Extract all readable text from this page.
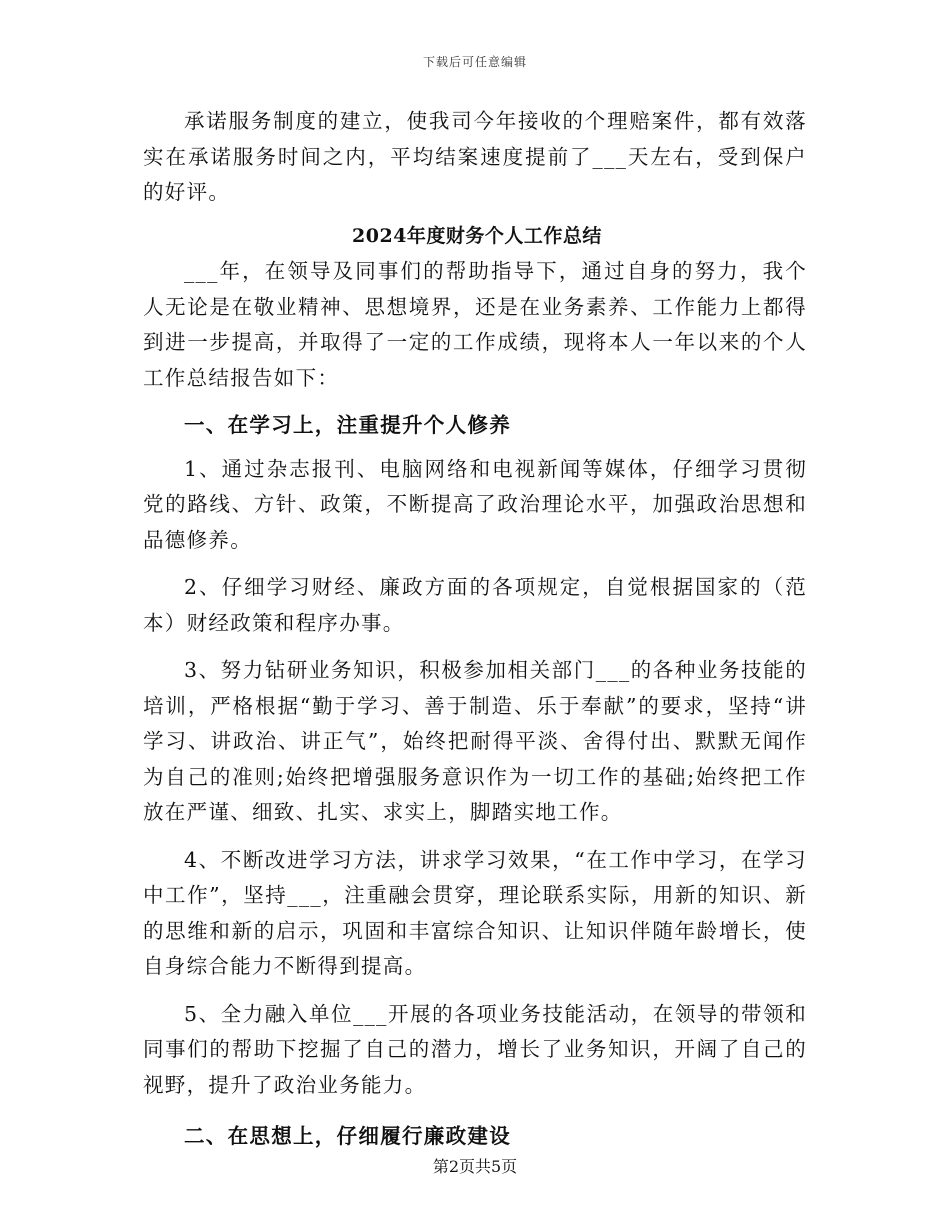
下载后可任意编辑

承诺服务制度的建立，使我司今年接收的个理赔案件，都有效落实在承诺服务时间之内，平均结案速度提前了___天左右，受到保户的好评。

2024年度财务个人工作总结

___年，在领导及同事们的帮助指导下，通过自身的努力，我个人无论是在敬业精神、思想境界，还是在业务素养、工作能力上都得到进一步提高，并取得了一定的工作成绩，现将本人一年以来的个人工作总结报告如下：

一、在学习上，注重提升个人修养

1、通过杂志报刊、电脑网络和电视新闻等媒体，仔细学习贯彻党的路线、方针、政策，不断提高了政治理论水平，加强政治思想和品德修养。

2、仔细学习财经、廉政方面的各项规定，自觉根据国家的（范本）财经政策和程序办事。

3、努力钻研业务知识，积极参加相关部门___的各种业务技能的培训，严格根据“勤于学习、善于制造、乐于奉献”的要求，坚持“讲学习、讲政治、讲正气”，始终把耐得平淡、舍得付出、默默无闻作为自己的准则;始终把增强服务意识作为一切工作的基础;始终把工作放在严谨、细致、扎实、求实上，脚踏实地工作。

4、不断改进学习方法，讲求学习效果，“在工作中学习，在学习中工作”，坚持___，注重融会贯穿，理论联系实际，用新的知识、新的思维和新的启示，巩固和丰富综合知识、让知识伴随年龄增长，使自身综合能力不断得到提高。

5、全力融入单位___开展的各项业务技能活动，在领导的带领和同事们的帮助下挖掘了自己的潜力，增长了业务知识，开阔了自己的视野，提升了政治业务能力。

二、在思想上，仔细履行廉政建设

第2页共5页
